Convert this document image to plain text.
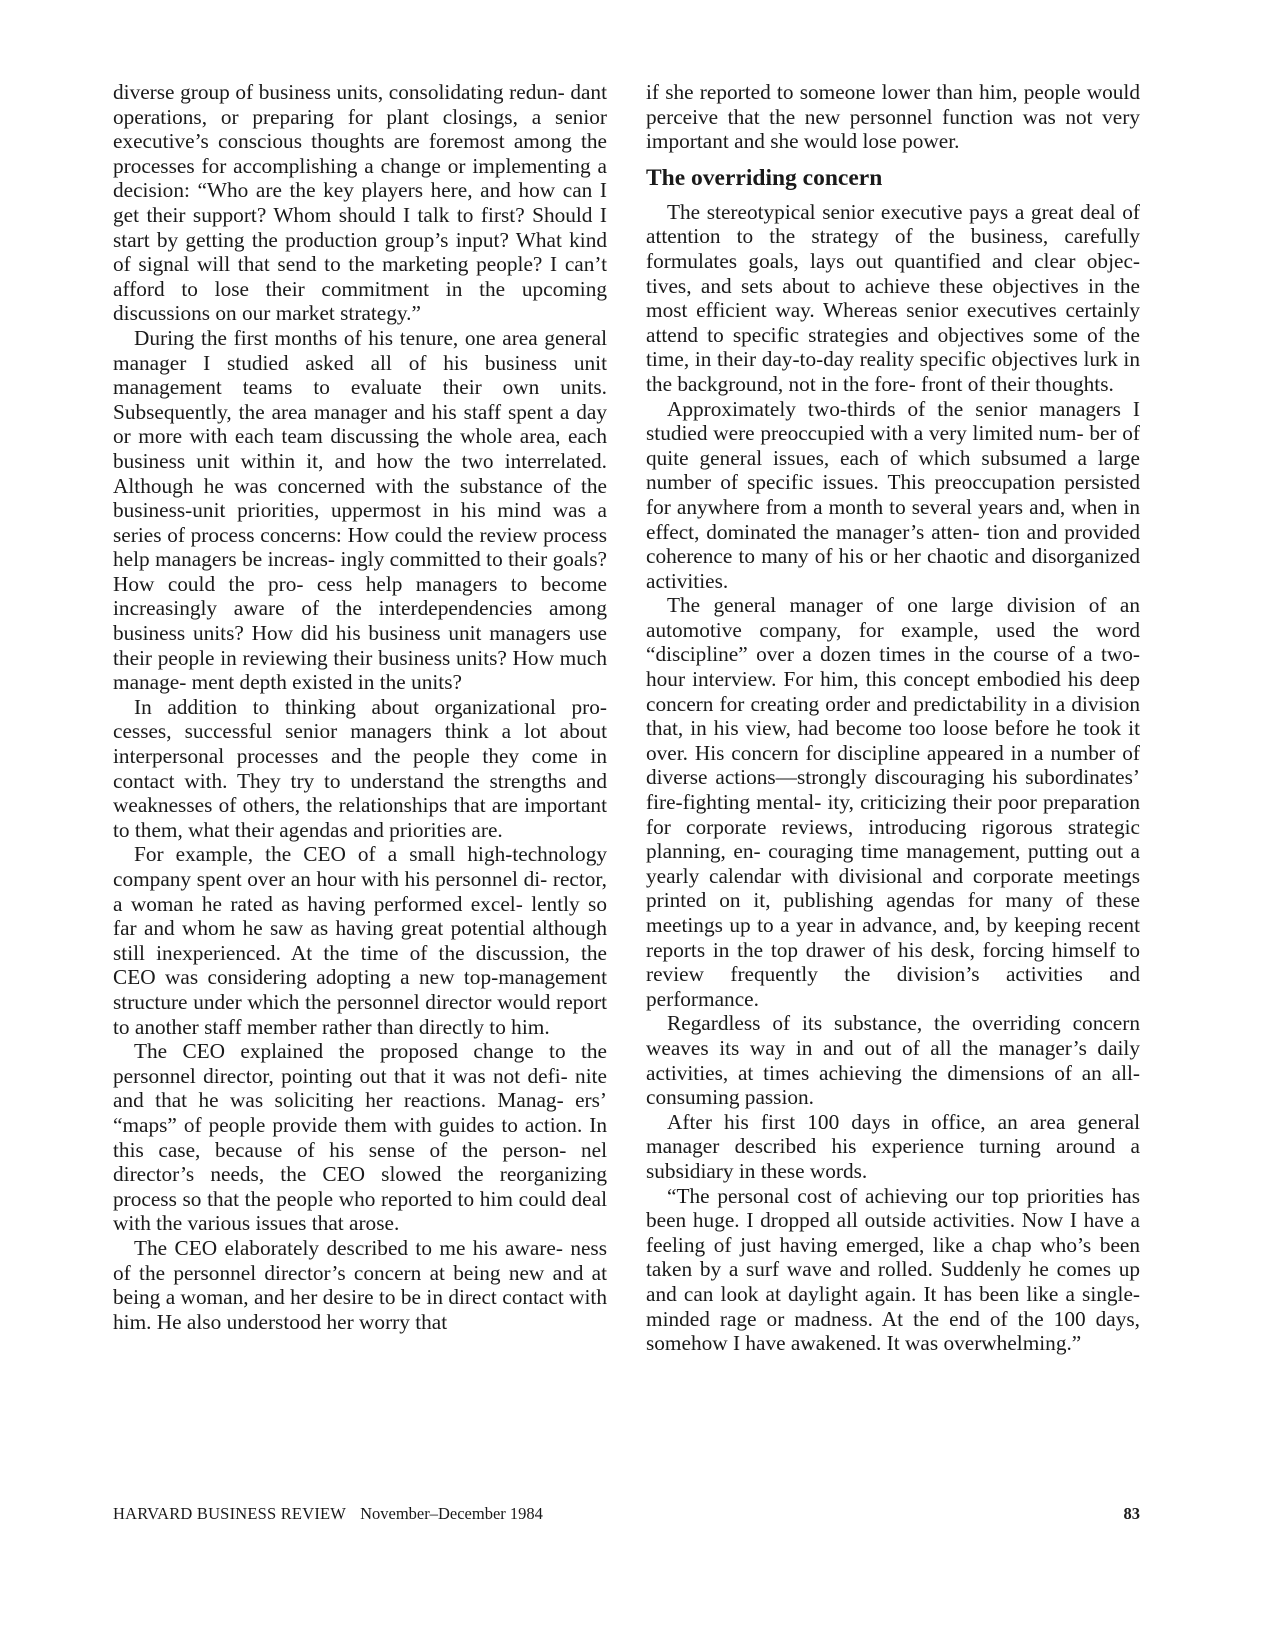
diverse group of business units, consolidating redun- dant operations, or preparing for plant closings, a senior executive’s conscious thoughts are foremost among the processes for accomplishing a change or implementing a decision: “Who are the key players here, and how can I get their support? Whom should I talk to first? Should I start by getting the production group’s input? What kind of signal will that send to the marketing people? I can’t afford to lose their commitment in the upcoming discussions on our market strategy.”

During the first months of his tenure, one area general manager I studied asked all of his business unit management teams to evaluate their own units. Subsequently, the area manager and his staff spent a day or more with each team discussing the whole area, each business unit within it, and how the two interrelated. Although he was concerned with the substance of the business-unit priorities, uppermost in his mind was a series of process concerns: How could the review process help managers be increas- ingly committed to their goals? How could the pro- cess help managers to become increasingly aware of the interdependencies among business units? How did his business unit managers use their people in reviewing their business units? How much manage- ment depth existed in the units?

In addition to thinking about organizational pro- cesses, successful senior managers think a lot about interpersonal processes and the people they come in contact with. They try to understand the strengths and weaknesses of others, the relationships that are important to them, what their agendas and priorities are.

For example, the CEO of a small high-technology company spent over an hour with his personnel di- rector, a woman he rated as having performed excel- lently so far and whom he saw as having great potential although still inexperienced. At the time of the discussion, the CEO was considering adopting a new top-management structure under which the personnel director would report to another staff member rather than directly to him.

The CEO explained the proposed change to the personnel director, pointing out that it was not defi- nite and that he was soliciting her reactions. Manag- ers’ “maps” of people provide them with guides to action. In this case, because of his sense of the person- nel director’s needs, the CEO slowed the reorganizing process so that the people who reported to him could deal with the various issues that arose.

The CEO elaborately described to me his aware- ness of the personnel director’s concern at being new and at being a woman, and her desire to be in direct contact with him. He also understood her worry that

if she reported to someone lower than him, people would perceive that the new personnel function was not very important and she would lose power.

The overriding concern

The stereotypical senior executive pays a great deal of attention to the strategy of the business, carefully formulates goals, lays out quantified and clear objec- tives, and sets about to achieve these objectives in the most efficient way. Whereas senior executives certainly attend to specific strategies and objectives some of the time, in their day-to-day reality specific objectives lurk in the background, not in the fore- front of their thoughts.

Approximately two-thirds of the senior managers I studied were preoccupied with a very limited num- ber of quite general issues, each of which subsumed a large number of specific issues. This preoccupation persisted for anywhere from a month to several years and, when in effect, dominated the manager’s atten- tion and provided coherence to many of his or her chaotic and disorganized activities.

The general manager of one large division of an automotive company, for example, used the word “discipline” over a dozen times in the course of a two-hour interview. For him, this concept embodied his deep concern for creating order and predictability in a division that, in his view, had become too loose before he took it over. His concern for discipline appeared in a number of diverse actions—strongly discouraging his subordinates’ fire-fighting mental- ity, criticizing their poor preparation for corporate reviews, introducing rigorous strategic planning, en- couraging time management, putting out a yearly calendar with divisional and corporate meetings printed on it, publishing agendas for many of these meetings up to a year in advance, and, by keeping recent reports in the top drawer of his desk, forcing himself to review frequently the division’s activities and performance.

Regardless of its substance, the overriding concern weaves its way in and out of all the manager’s daily activities, at times achieving the dimensions of an all-consuming passion.

After his first 100 days in office, an area general manager described his experience turning around a subsidiary in these words.

“The personal cost of achieving our top priorities has been huge. I dropped all outside activities. Now I have a feeling of just having emerged, like a chap who’s been taken by a surf wave and rolled. Suddenly he comes up and can look at daylight again. It has been like a single-minded rage or madness. At the end of the 100 days, somehow I have awakened. It was overwhelming.”

HARVARD BUSINESS REVIEW November–December 1984	83
